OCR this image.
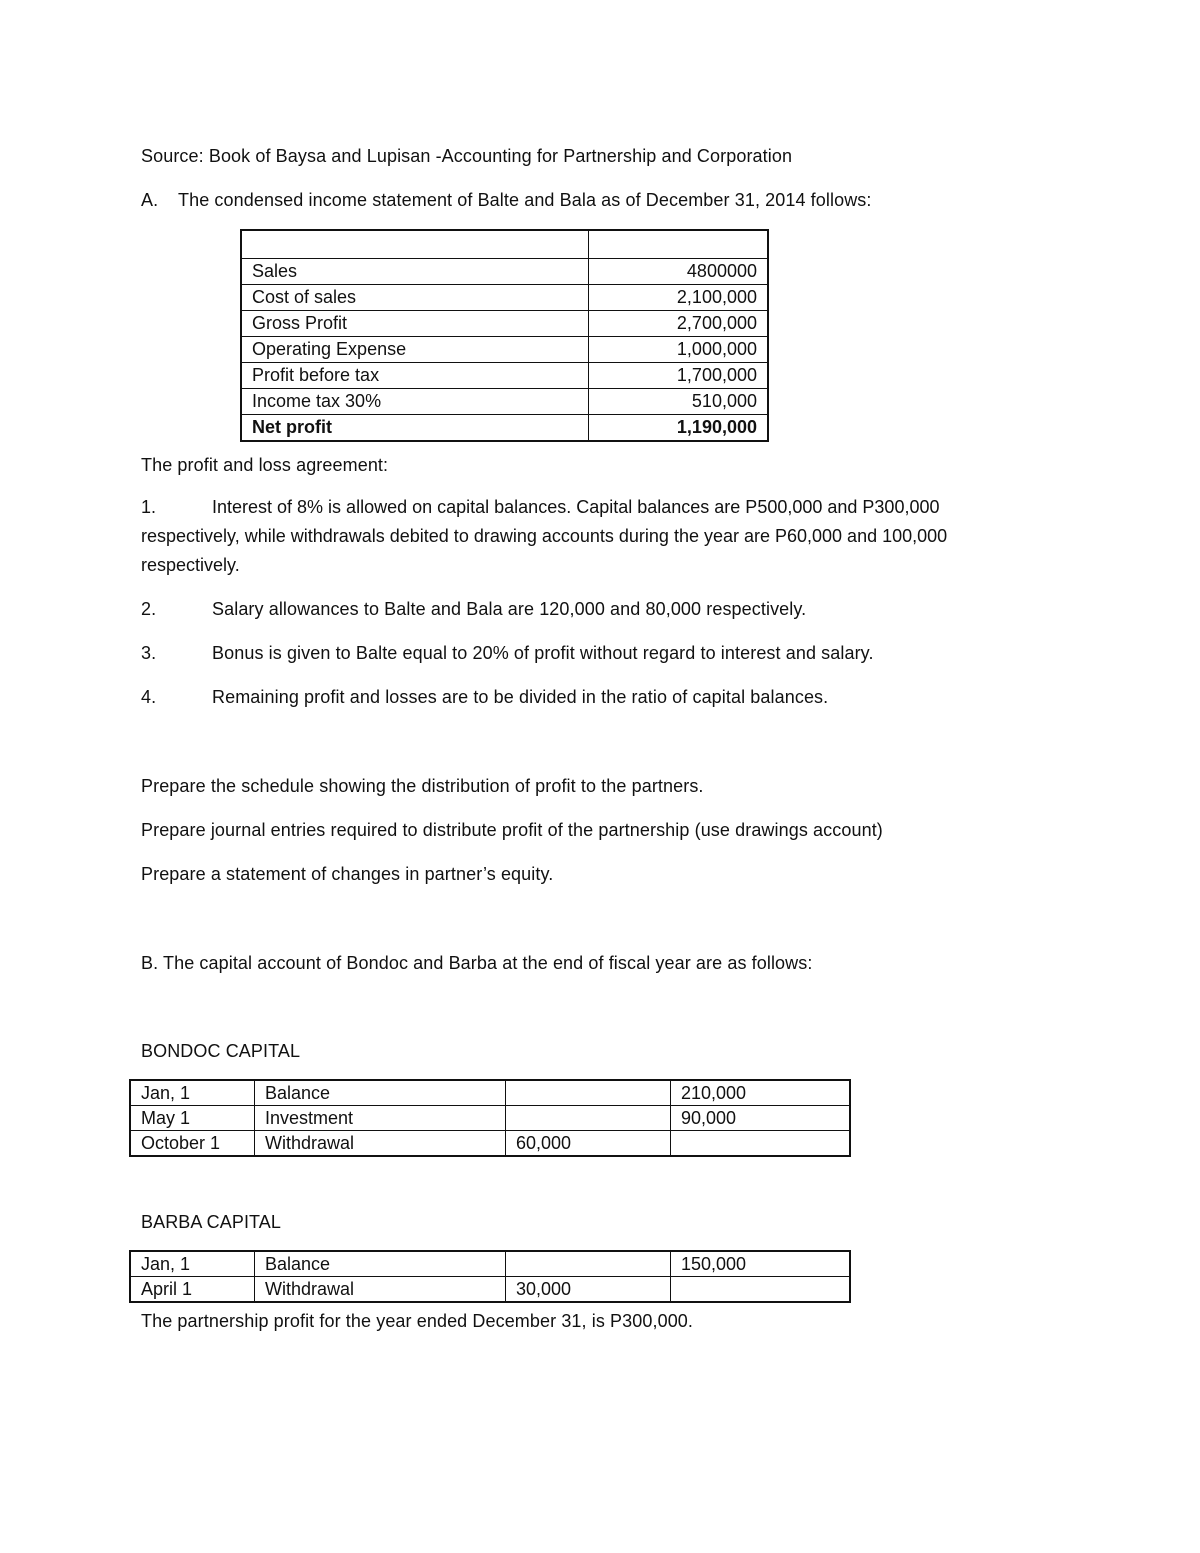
Source: Book of Baysa and Lupisan -Accounting for Partnership and Corporation
A. The condensed income statement of Balte and Bala as of December 31, 2014 follows:

Sales	4800000
Cost of sales	2,100,000
Gross Profit	2,700,000
Operating Expense	1,000,000
Profit before tax	1,700,000
Income tax 30%	510,000
Net profit	1,190,000
The profit and loss agreement:
1.	Interest of 8% is allowed on capital balances. Capital balances are P500,000 and P300,000
respectively, while withdrawals debited to drawing accounts during the year are P60,000 and 100,000
respectively.
2.	Salary allowances to Balte and Bala are 120,000 and 80,000 respectively.
3.	Bonus is given to Balte equal to 20% of profit without regard to interest and salary.
4.	Remaining profit and losses are to be divided in the ratio of capital balances.
Prepare the schedule showing the distribution of profit to the partners.
Prepare journal entries required to distribute profit of the partnership (use drawings account)
Prepare a statement of changes in partner’s equity.
B. The capital account of Bondoc and Barba at the end of fiscal year are as follows:
BONDOC CAPITAL
Jan, 1	Balance		210,000
May 1	Investment		90,000
October 1	Withdrawal	60,000	
BARBA CAPITAL
Jan, 1	Balance		150,000
April 1	Withdrawal	30,000	
The partnership profit for the year ended December 31, is P300,000.
